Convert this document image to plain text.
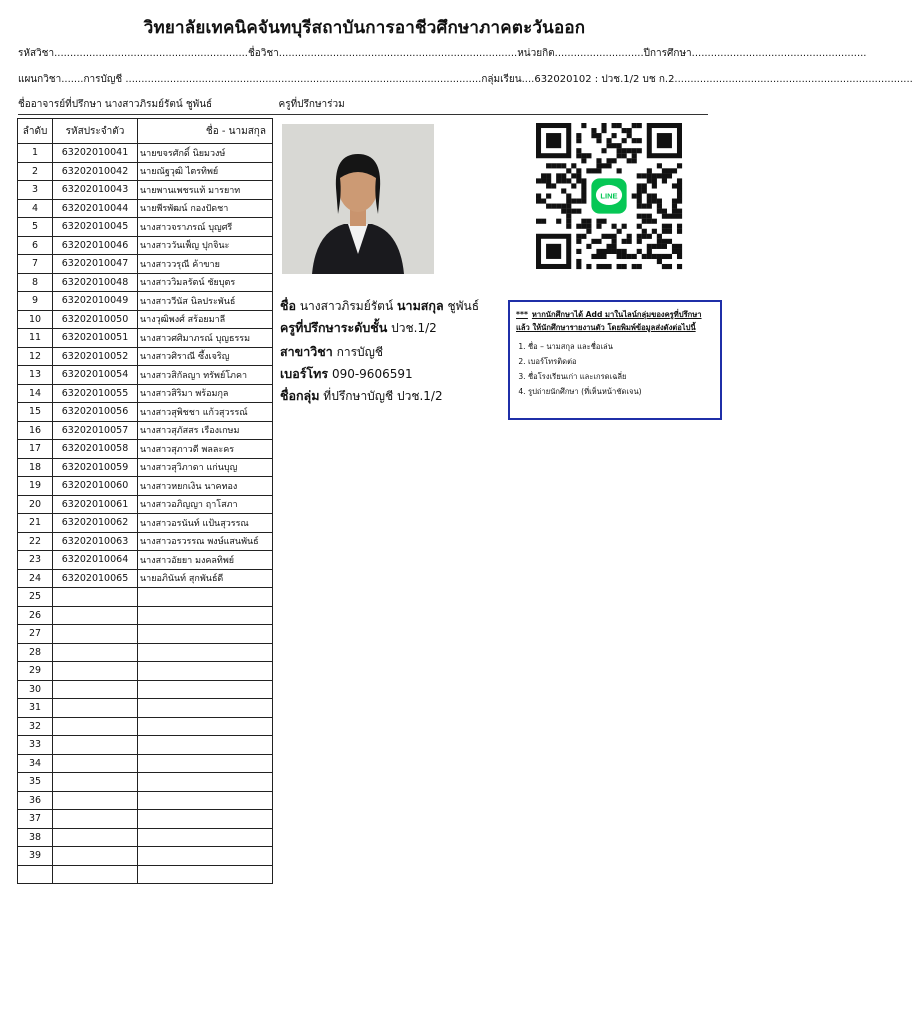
วิทยาลัยเทคนิคจันทบุรีสถาบันการอาชีวศึกษาภาคตะวันออก
รหัสวิชา.............................................................ชื่อวิชา...........................................................................หน่วยกิต............................ปีการศึกษา.......................................................
แผนกวิชา.......การบัญชี ................................................................................................................กลุ่มเรียน....632020102 : ปวช.1/2 บช ก.2...........................................................................
ชื่ออาจารย์ที่ปรึกษา นางสาวภิรมย์รัตน์ ชูพันธ์	ครูที่ปรึกษาร่วม
ลำดับ	รหัสประจำตัว	ชื่อ - นามสกุล
1	63202010041	นายขจรศักดิ์ นิยมวงษ์
2	63202010042	นายณัฐวุฒิ ไตรทิพย์
3	63202010043	นายพานเพชรแท้ มารยาท
4	63202010044	นายพีรพัฒน์ กองปัดชา
5	63202010045	นางสาวจราภรณ์ บุญศรี
6	63202010046	นางสาววันเพ็ญ ปุกจินะ
7	63202010047	นางสาววรุณี ค้าขาย
8	63202010048	นางสาววิมลรัตน์ ชัยบุตร
9	63202010049	นางสาววีนัส นิลประพันธ์
10	63202010050	นางวุฒิพงศ์ สร้อยมาลี
11	63202010051	นางสาวศศิมาภรณ์ บุญธรรม
12	63202010052	นางสาวศิราณี ซึ้งเจริญ
13	63202010054	นางสาวสิกัลญา ทรัพย์โภคา
14	63202010055	นางสาวสิริมา พร้อมกุล
15	63202010056	นางสาวสุพิชชา แก้วสุวรรณ์
16	63202010057	นางสาวสุภัสสร เรืองเกษม
17	63202010058	นางสาวสุภาวดี พลละคร
18	63202010059	นางสาวสุวิภาดา แก่นบุญ
19	63202010060	นางสาวหยกเงิน นาคทอง
20	63202010061	นางสาวอภิญญา ฤาโสภา
21	63202010062	นางสาวอรนันท์ แป้นสุวรรณ
22	63202010063	นางสาวอรวรรณ พงษ์แสนพันธ์
23	63202010064	นางสาวอัยยา มงคลทิพย์
24	63202010065	นายอภินันท์ สุกพันธ์ดี
25		
26		
27		
28		
29		
30		
31		
32		
33		
34		
35		
36		
37		
38		
39		

LINE
ชื่อ นางสาวภิรมย์รัตน์ นามสกุล ชูพันธ์
ครูที่ปรึกษาระดับชั้น ปวช.1/2
สาขาวิชา การบัญชี
เบอร์โทร 090-9606591
ชื่อกลุ่ม ที่ปรึกษาบัญชี ปวช.1/2
*** หากนักศึกษาได้ Add มาในไลน์กลุ่มของครูที่ปรึกษาแล้ว ให้นักศึกษารายงานตัว โดยพิมพ์ข้อมูลส่งดังต่อไปนี้
1. ชื่อ – นามสกุล และชื่อเล่น
2. เบอร์โทรติดต่อ
3. ชื่อโรงเรียนเก่า และเกรดเฉลี่ย
4. รูปถ่ายนักศึกษา (ที่เห็นหน้าชัดเจน)
